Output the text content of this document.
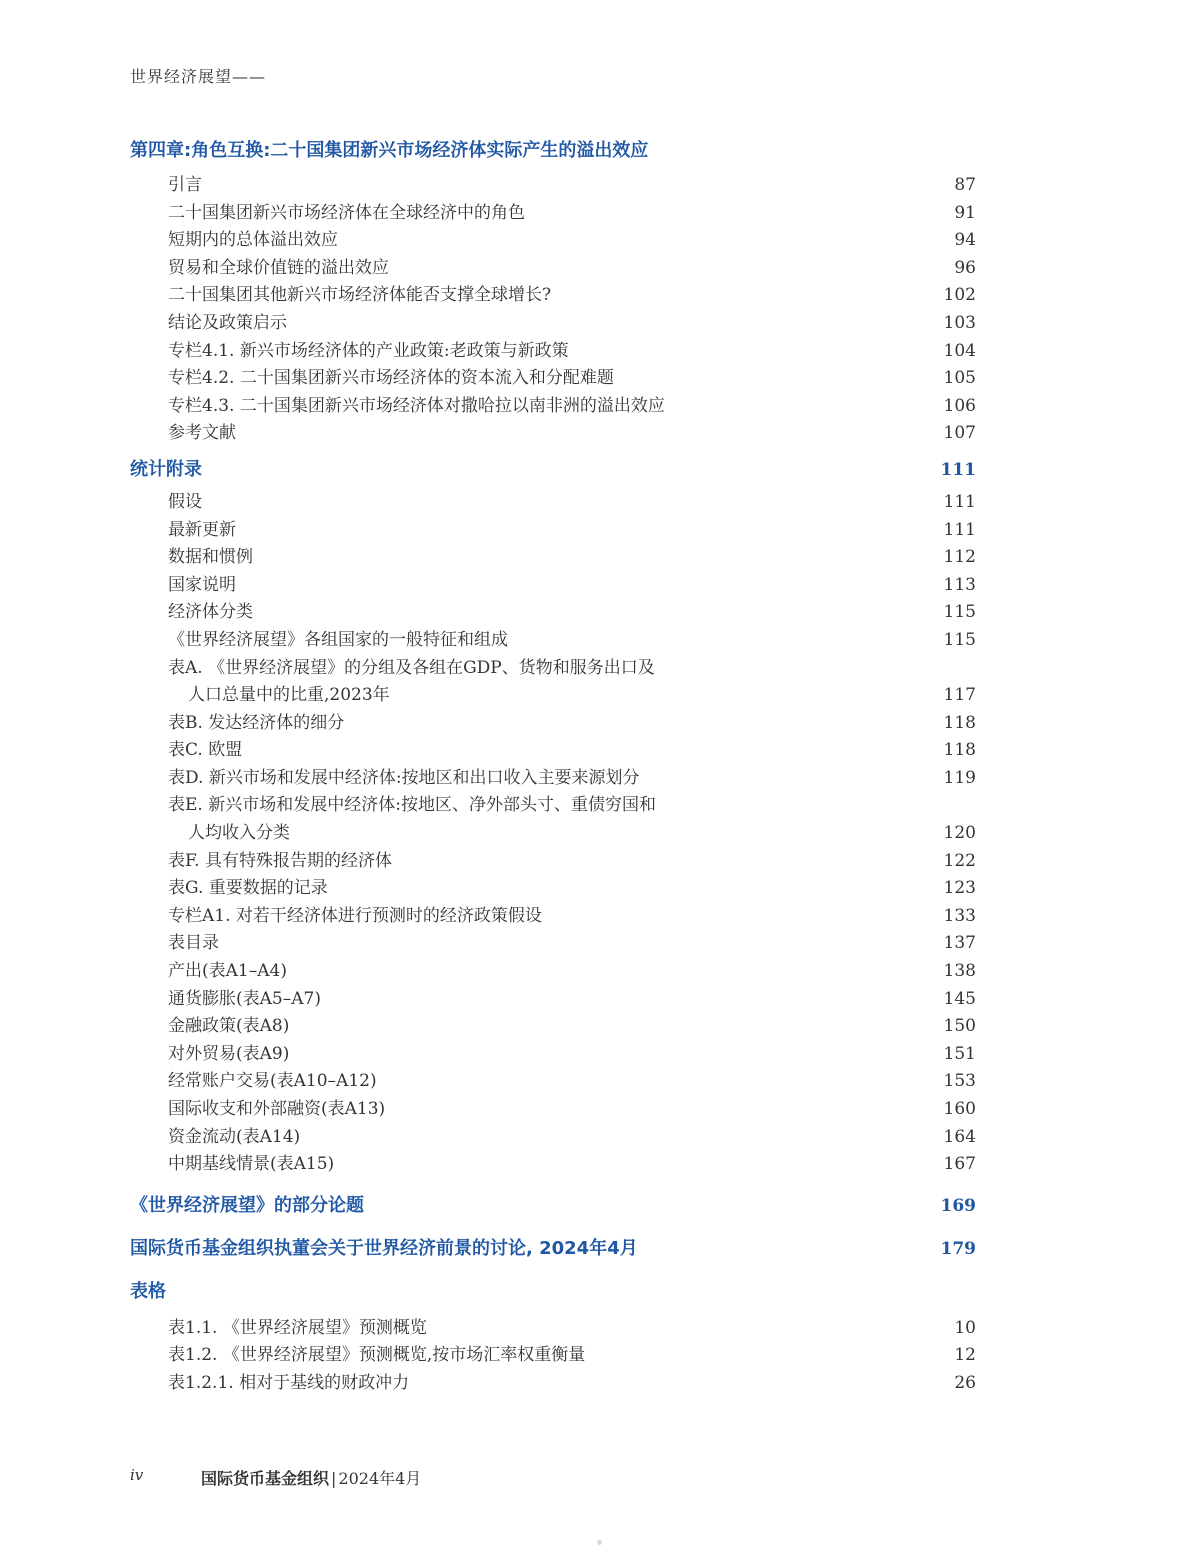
世界经济展望——
第四章:角色互换:二十国集团新兴市场经济体实际产生的溢出效应
引言	87
二十国集团新兴市场经济体在全球经济中的角色	91
短期内的总体溢出效应	94
贸易和全球价值链的溢出效应	96
二十国集团其他新兴市场经济体能否支撑全球增长?	102
结论及政策启示	103
专栏4.1. 新兴市场经济体的产业政策:老政策与新政策	104
专栏4.2. 二十国集团新兴市场经济体的资本流入和分配难题	105
专栏4.3. 二十国集团新兴市场经济体对撒哈拉以南非洲的溢出效应	106
参考文献	107
统计附录	111
假设	111
最新更新	111
数据和惯例	112
国家说明	113
经济体分类	115
《世界经济展望》各组国家的一般特征和组成	115
表A. 《世界经济展望》的分组及各组在GDP、货物和服务出口及
人口总量中的比重,2023年	117
表B. 发达经济体的细分	118
表C. 欧盟	118
表D. 新兴市场和发展中经济体:按地区和出口收入主要来源划分	119
表E. 新兴市场和发展中经济体:按地区、净外部头寸、重债穷国和
人均收入分类	120
表F. 具有特殊报告期的经济体	122
表G. 重要数据的记录	123
专栏A1. 对若干经济体进行预测时的经济政策假设	133
表目录	137
产出(表A1–A4)	138
通货膨胀(表A5–A7)	145
金融政策(表A8)	150
对外贸易(表A9)	151
经常账户交易(表A10–A12)	153
国际收支和外部融资(表A13)	160
资金流动(表A14)	164
中期基线情景(表A15)	167
《世界经济展望》的部分论题	169
国际货币基金组织执董会关于世界经济前景的讨论, 2024年4月	179
表格
表1.1. 《世界经济展望》预测概览	10
表1.2. 《世界经济展望》预测概览,按市场汇率权重衡量	12
表1.2.1. 相对于基线的财政冲力	26
iv	国际货币基金组织 | 2024年4月
